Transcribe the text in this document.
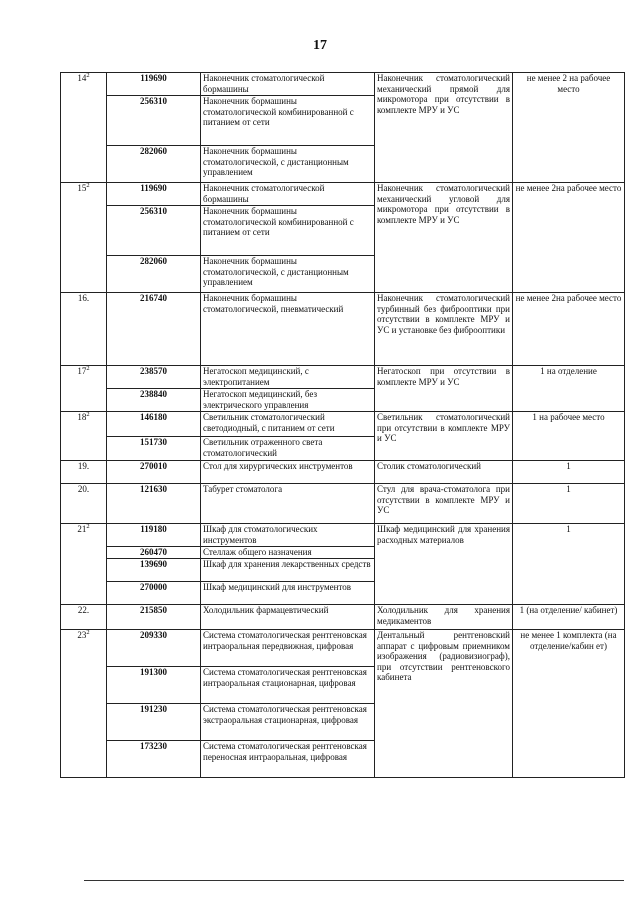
17
$14^2$	119690	Наконечник стоматологической бормашины	Наконечник стоматологический механический прямой для микромотора при отсутствии в комплекте МРУ и УС	не менее 2 на рабочее место
	256310	Наконечник бормашины стоматологической комбинированной с питанием от сети		
	282060	Наконечник бормашины стоматологической, с дистанционным управлением		
$15^2$	119690	Наконечник стоматологической бормашины	Наконечник стоматологический механический угловой для микромотора при отсутствии в комплекте МРУ и УС	не менее 2на рабочее место
	256310	Наконечник бормашины стоматологической комбинированной с питанием от сети		
	282060	Наконечник бормашины стоматологической, с дистанционным управлением		
16.	216740	Наконечник бормашины стоматологической, пневматический	Наконечник стоматологический турбинный без фиброоптики при отсутствии в комплекте МРУ и УС и установке без фиброоптики	не менее 2на рабочее место
$17^2$	238570	Негатоскоп медицинский, с электропитанием	Негатоскоп при отсутствии в комплекте МРУ и УС	1 на отделение
	238840	Негатоскоп медицинский, без электрического управления		
$18^2$	146180	Светильник стоматологический светодиодный, с питанием от сети	Светильник стоматологический при отсутствии в комплекте МРУ и УС	1 на рабочее место
	151730	Светильник отраженного света стоматологический		
19.	270010	Стол для хирургических инструментов	Столик стоматологический	1
20.	121630	Табурет стоматолога	Стул для врача-стоматолога при отсутствии в комплекте МРУ и УС	1
$21^2$	119180	Шкаф для стоматологических инструментов	Шкаф медицинский для хранения расходных материалов	1
	260470	Стеллаж общего назначения		
	139690	Шкаф для хранения лекарственных средств		
	270000	Шкаф медицинский для инструментов		
22.	215850	Холодильник фармацевтический	Холодильник для хранения медикаментов	1 (на отделение/ кабинет)
$23^2$	209330	Система стоматологическая рентгеновская интраоральная передвижная, цифровая	Дентальный рентгеновский аппарат с цифровым приемником изображения (радиовизиограф), при отсутствии рентгеновского кабинета	не менее 1 комплекта (на отделение/кабин ет)
	191300	Система стоматологическая рентгеновская интраоральная стационарная, цифровая		
	191230	Система стоматологическая рентгеновская экстраоральная стационарная, цифровая		
	173230	Система стоматологическая рентгеновская переносная интраоральная, цифровая		
